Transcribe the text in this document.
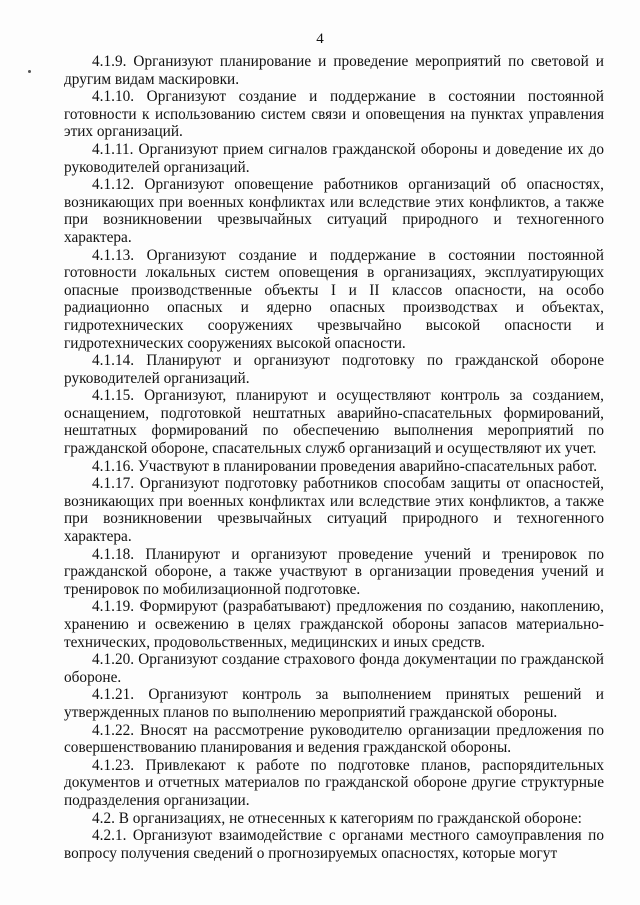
4

4.1.9. Организуют планирование и проведение мероприятий по световой и другим видам маскировки.

4.1.10. Организуют создание и поддержание в состоянии постоянной готовности к использованию систем связи и оповещения на пунктах управления этих организаций.

4.1.11. Организуют прием сигналов гражданской обороны и доведение их до руководителей организаций.

4.1.12. Организуют оповещение работников организаций об опасностях, возникающих при военных конфликтах или вследствие этих конфликтов, а также при возникновении чрезвычайных ситуаций природного и техногенного характера.

4.1.13. Организуют создание и поддержание в состоянии постоянной готовности локальных систем оповещения в организациях, эксплуатирующих опасные производственные объекты I и II классов опасности, на особо радиационно опасных и ядерно опасных производствах и объектах, гидротехнических сооружениях чрезвычайно высокой опасности и гидротехнических сооружениях высокой опасности.

4.1.14. Планируют и организуют подготовку по гражданской обороне руководителей организаций.

4.1.15. Организуют, планируют и осуществляют контроль за созданием, оснащением, подготовкой нештатных аварийно-спасательных формирований, нештатных формирований по обеспечению выполнения мероприятий по гражданской обороне, спасательных служб организаций и осуществляют их учет.

4.1.16. Участвуют в планировании проведения аварийно-спасательных работ.

4.1.17. Организуют подготовку работников способам защиты от опасностей, возникающих при военных конфликтах или вследствие этих конфликтов, а также при возникновении чрезвычайных ситуаций природного и техногенного характера.

4.1.18. Планируют и организуют проведение учений и тренировок по гражданской обороне, а также участвуют в организации проведения учений и тренировок по мобилизационной подготовке.

4.1.19. Формируют (разрабатывают) предложения по созданию, накоплению, хранению и освежению в целях гражданской обороны запасов материально-технических, продовольственных, медицинских и иных средств.

4.1.20. Организуют создание страхового фонда документации по гражданской обороне.

4.1.21. Организуют контроль за выполнением принятых решений и утвержденных планов по выполнению мероприятий гражданской обороны.

4.1.22. Вносят на рассмотрение руководителю организации предложения по совершенствованию планирования и ведения гражданской обороны.

4.1.23. Привлекают к работе по подготовке планов, распорядительных документов и отчетных материалов по гражданской обороне другие структурные подразделения организации.

4.2. В организациях, не отнесенных к категориям по гражданской обороне:

4.2.1. Организуют взаимодействие с органами местного самоуправления по вопросу получения сведений о прогнозируемых опасностях, которые могут
